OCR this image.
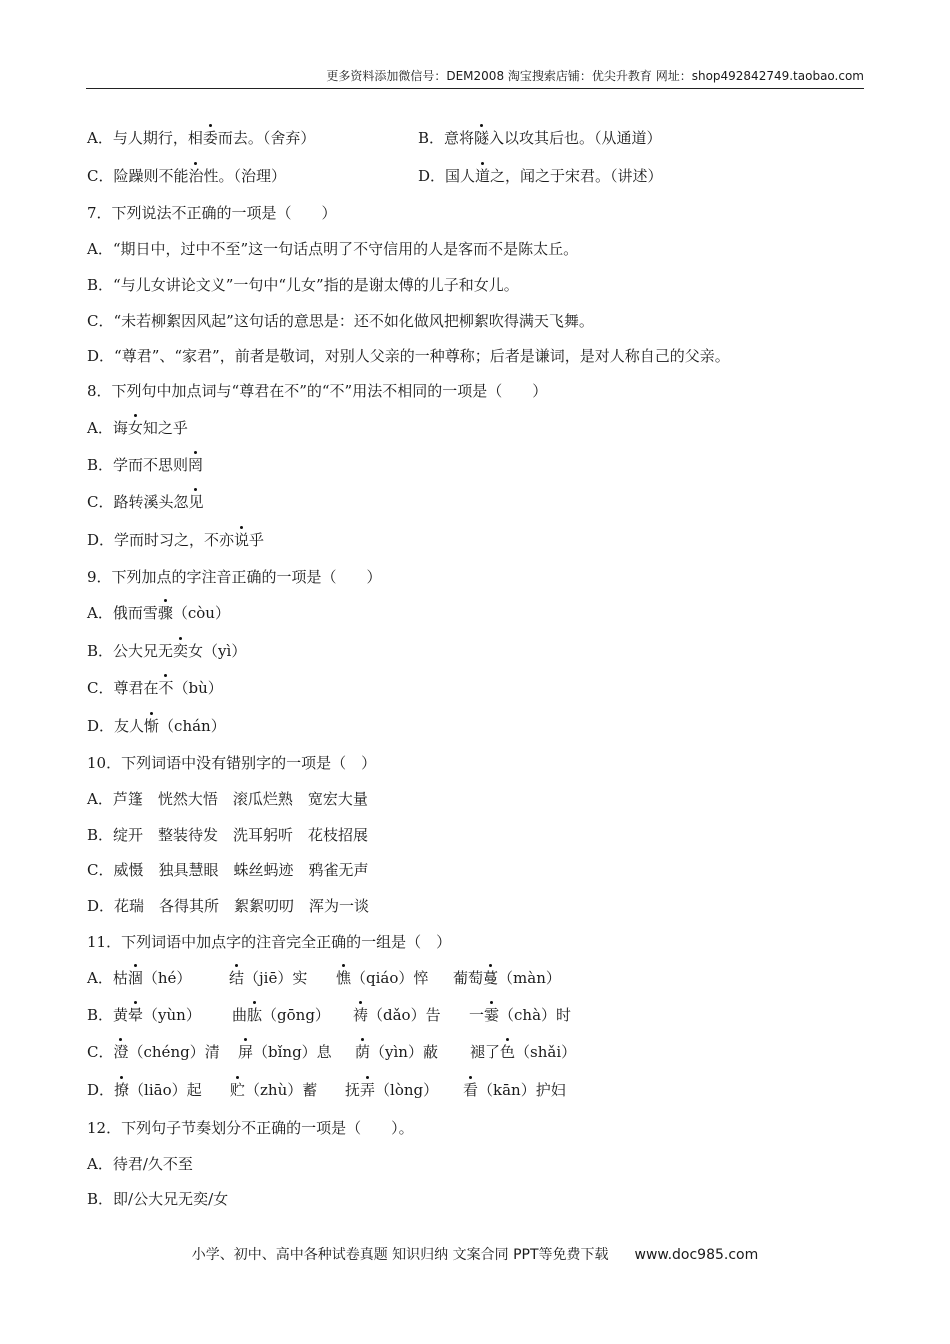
更多资料添加微信号：DEM2008 淘宝搜索店铺：优尖升教育 网址：shop492842749.taobao.com
A．与人期行，相委而去。（舍弃）	B．意将隧入以攻其后也。（从通道）
C．险躁则不能治性。（治理）	D．国人道之，闻之于宋君。（讲述）
7．下列说法不正确的一项是（　　）
A．“期日中，过中不至”这一句话点明了不守信用的人是客而不是陈太丘。
B．“与儿女讲论文义”一句中“儿女”指的是谢太傅的儿子和女儿。
C．“未若柳絮因风起”这句话的意思是：还不如化做风把柳絮吹得满天飞舞。
D．“尊君”、“家君”，前者是敬词，对别人父亲的一种尊称；后者是谦词，是对人称自己的父亲。
8．下列句中加点词与“尊君在不”的“不”用法不相同的一项是（　　）
A．诲女知之乎
B．学而不思则罔
C．路转溪头忽见
D．学而时习之，不亦说乎
9．下列加点的字注音正确的一项是（　　）
A．俄而雪骤（còu）
B．公大兄无奕女（yì）
C．尊君在不（bù）
D．友人惭（chán）
10．下列词语中没有错别字的一项是（　）
A．芦篷　恍然大悟　滚瓜烂熟　宽宏大量
B．绽开　整装待发　洗耳躬听　花枝招展
C．威慑　独具慧眼　蛛丝蚂迹　鸦雀无声
D．花瑞　各得其所　絮絮叨叨　浑为一谈
11．下列词语中加点字的注音完全正确的一组是（　）
A．枯涸（hé）	结（jiē）实 憔（qiáo）悴 葡萄蔓（màn）
B．黄晕（yùn） 曲肱（gōng） 祷（dǎo）告 一霎（chà）时
C．澄（chéng）清 屏（bǐng）息 荫（yìn）蔽 褪了色（shǎi）
D．撩（liāo）起 贮（zhù）蓄 抚弄（lòng） 看（kān）护妇
12．下列句子节奏划分不正确的一项是（　　）。
A．待君/久不至
B．即/公大兄无奕/女
小学、初中、高中各种试卷真题 知识归纳 文案合同 PPT等免费下载 www.doc985.com
